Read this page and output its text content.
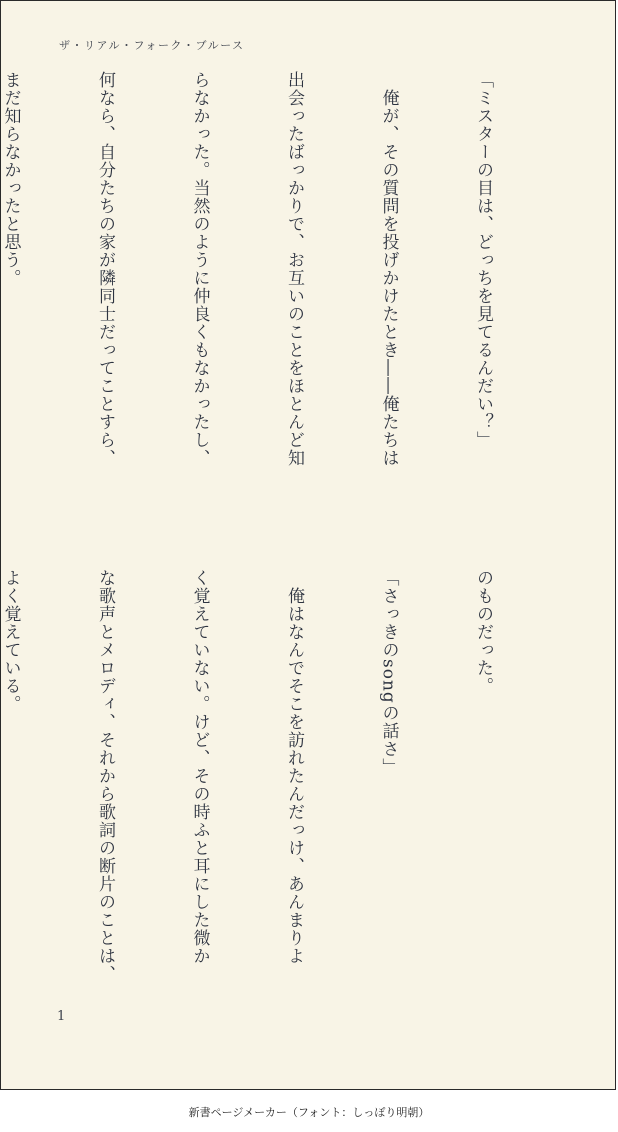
ザ・リアル・フォーク・ブルース

「ミスターの目は、どっちを見てるんだい？」

　俺が、その質問を投げかけたとき――俺たちは

出会ったばっかりで、お互いのことをほとんど知

らなかった。当然のように仲良くもなかったし、

何なら、自分たちの家が隣同士だってことすら、

まだ知らなかったと思う。

のものだった。

「さっきのsongの話さ」

　俺はなんでそこを訪れたんだっけ、あんまりよ

く覚えていない。けど、その時ふと耳にした微か

な歌声とメロディ、それから歌詞の断片のことは、

よく覚えている。

1
新書ページメーカー（フォント：しっぽり明朝）
